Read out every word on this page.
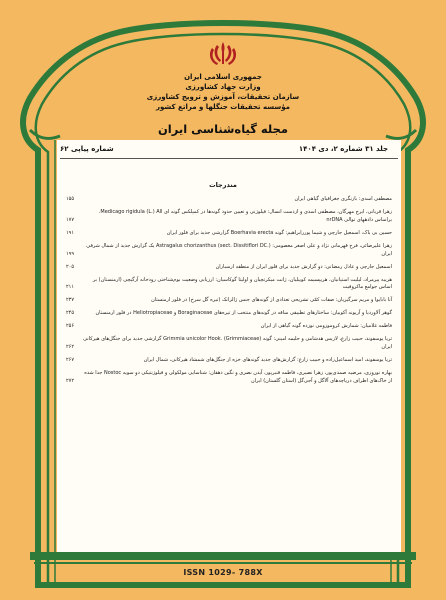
جمهوری اسلامی ایران
وزارت جهاد کشاورزی
سازمان تحقیقات، آموزش و ترویج کشاورزی
مؤسسه تحقیقات جنگلها و مراتع کشور
مجله گیاه‌شناسی ایران
جلد ۳۱ شماره ۲، دی ۱۴۰۴
شماره پیاپی ۶۲
مندرجات
مصطفی اسدی: بازنگری جغرافیای گیاهی ایران
۱۵۵
زهرا قربانی، ایرج مهرگان، مصطفی اسدی و ازدست انسال: فیلوژنی و تعیین حدود گونه‌ها در کمپلکس گونه ای Medicago rigidula (L.) All. براساس دادههای توالی nrDNA
۱۷۷
حسین بی باک، اسمعیل جارچی و شیما پوررابراهیم: گونه Boerhavia erecta گزارشی جدید برای فلور ایران
۱۹۱
زهرا علیرضائی، فرخ قهرمانی نژاد و علی اصغر معصومی: Astragalus chorizanthus (sect. Dissitiflori DC.) یک گزارش جدید از شمال شرقی ایران
۱۹۹
اسمعیل جارچی و عادل رمضانی: دو گزارش جدید برای فلور ایران از منطقه ارسباران
۲۰۵
هریبه پیرمراد، لیلیت استپانیان، هریپسیمه کوبیلیان، ژانت میکرتچیان و اولیتا گوکاسیان: ارزیابی وضعیت بوم‌شناختی رودخانه آرگیچی (ارمنستان) بر اساس جوامع ماکروفیت
۲۱۱
آنا بابایوا و مریم سرگیزیان: صفات کمّی تشریحی تعدادی از گونه‌های جنس ژالزانک (تیره گل سرخ) در فلور ارمنستان
۲۳۷
گوهر آلاوردیا و آریونه آکوبیان: ساختارهای تطبیقی ساقه در گونه‌های منتخب از تیره‌های Boraginaceae و Heliotropiaceae در فلور ارمنستان
۲۴۵
فاطمه غلامیان: شمارش کروموزومی نوزده گونه گیاهی از ایران
۲۵۶
ثریا یوسفوند، حبیب زارع، لاریس هدشامی و حلیمه امینی: گونه Grimmia unicolor Hook. (Grimmiaceae) گزارشی جدید برای جنگل‌های هیرکانی ایران
۲۶۲
ثریا یوسفوند، امید اسماعیل‌زاده و حبیب زارع: گزارش‌های جدید گونه‌های خزه از جنگل‌های شمشاد هیرکانی، شمال ایران
۲۶۷
بهاره نوروزی، مرضیه صمدی‌پور، زهرا نصیری، فاطمه قنبرپور، آیدن نصری و نگین دهقان: شناسایی مولکولی و فیلوژنتیکی دو سویه Nostoc جدا شده از خاک‌های اطراف دریاچه‌های آلاگل و آجی‌گل (استان گلستان) ایران
۲۷۲
ISSN 1029- 788X
